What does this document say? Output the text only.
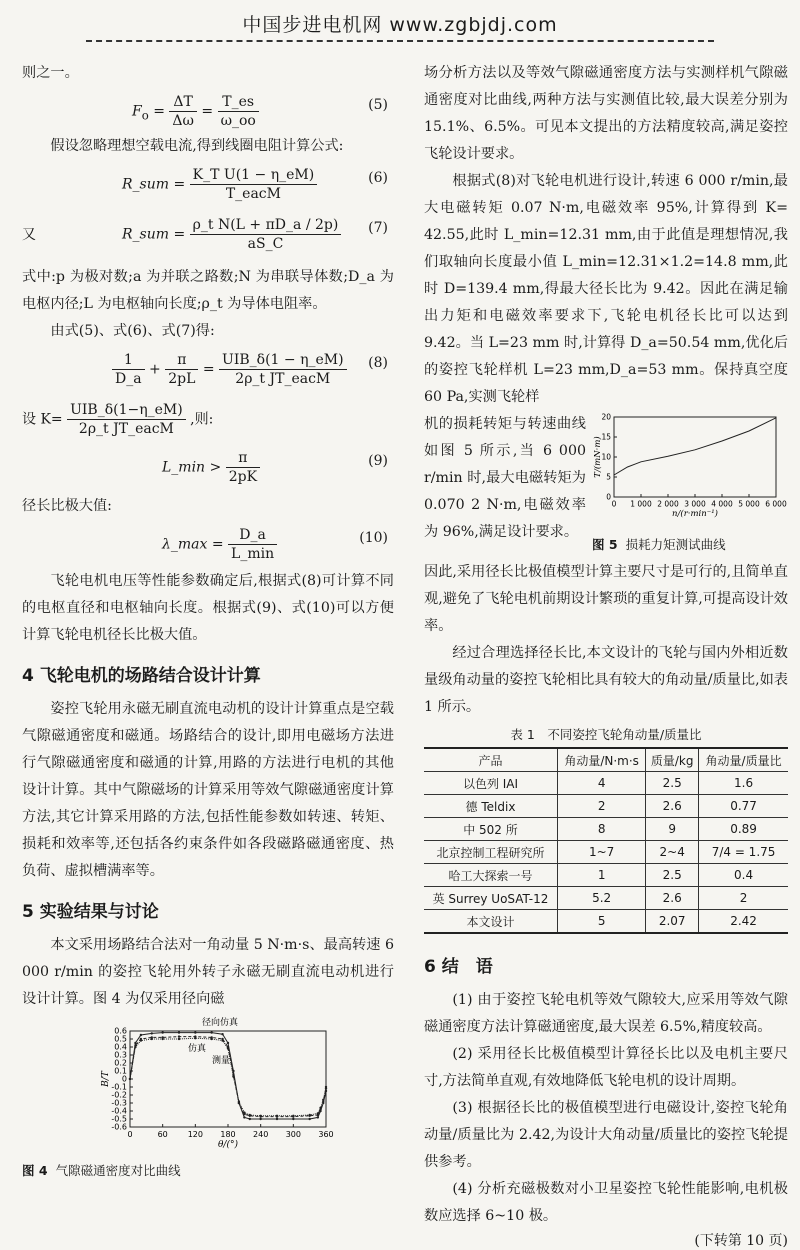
中国步进电机网 www.zgbjdj.com

则之一。

$F_o = \frac{\Delta T}{\Delta\omega} = \frac{T\_es}{\omega\_oo}$	(5)

假设忽略理想空载电流,得到线圈电阻计算公式:

R_sum = $\frac{\text{K\_T U(1 − η\_eM)}}{\text{T\_eacM}}$	(6)
又	R_sum = $\frac{\text{ρ\_t N(L + πD\_a / 2p)}}{aS\_C} (7)$

式中:p 为极对数;a 为并联之路数;N 为串联导体数;D_a 为电枢内径;L 为电枢轴向长度;ρ_t 为导体电阻率。

由式(5)、式(6)、式(7)得:

$\frac{1}{D\_a} + \frac{\pi}{2pL} = \frac{\text{UIB\_δ(1 − η\_eM)}}{\text{2ρ\_t JT\_eacM}} (8)$
设 $K= \frac{\text{UIB\_δ(1−η\_eM)}}{\text{2ρ\_t JT\_eacM}}$ ,则:
L_min > $\frac{\pi}{2pK}$	(9)

径长比极大值:

λ_max = $\frac{D\_a}{L\_\min}$	(10)

飞轮电机电压等性能参数确定后,根据式(8)可计算不同的电枢直径和电枢轴向长度。根据式(9)、式(10)可以方便计算飞轮电机径长比极大值。

4 飞轮电机的场路结合设计计算

姿控飞轮用永磁无刷直流电动机的设计计算重点是空载气隙磁通密度和磁通。场路结合的设计,即用电磁场方法进行气隙磁通密度和磁通的计算,用路的方法进行电机的其他设计计算。其中气隙磁场的计算采用等效气隙磁通密度计算方法,其它计算采用路的方法,包括性能参数如转速、转矩、损耗和效率等,还包括各约束条件如各段磁路磁通密度、热负荷、虚拟槽满率等。

5 实验结果与讨论

本文采用场路结合法对一角动量 5 N·m·s、最高转速 6 000 r/min 的姿控飞轮用外转子永磁无刷直流电动机进行设计计算。图 4 为仅采用径向磁

0	60 120 180 240 300 360
0.6
0.5
0.4
0.3
0.2
0.1
0
-0.1
-0.2
-0.3
-0.4
-0.5
-0.6
θ/(°)
B/T
径向仿真
仿真
测量
图 4 气隙磁通密度对比曲线

场分析方法以及等效气隙磁通密度方法与实测样机气隙磁通密度对比曲线,两种方法与实测值比较,最大误差分别为 15.1%、6.5%。可见本文提出的方法精度较高,满足姿控飞轮设计要求。

根据式(8)对飞轮电机进行设计,转速 6 000 r/min,最大电磁转矩 0.07 N·m,电磁效率 95%,计算得到 K= 42.55,此时 L_min=12.31 mm,由于此值是理想情况,我们取轴向长度最小值 L_min=12.31×1.2=14.8 mm,此时 D=139.4 mm,得最大径长比为 9.42。因此在满足输出力矩和电磁效率要求下,飞轮电机径长比可以达到 9.42。当 L=23 mm 时,计算得 D_a=50.54 mm,优化后的姿控飞轮样机 L=23 mm,D_a=53 mm。保持真空度 60 Pa,实测飞轮样

机的损耗转矩与转速曲线如图 5 所示,当 6 000 r/min 时,最大电磁转矩为 0.070 2 N·m,电磁效率为 96%,满足设计要求。

0 1 000 2 000 3 000 4 000 5 000 6 000
20
15
10
5
0
n/(r·min⁻¹)
T/(mN·m)
图 5 损耗力矩测试曲线

因此,采用径长比极值模型计算主要尺寸是可行的,且简单直观,避免了飞轮电机前期设计繁琐的重复计算,可提高设计效率。

经过合理选择径长比,本文设计的飞轮与国内外相近数量级角动量的姿控飞轮相比具有较大的角动量/质量比,如表 1 所示。

表 1　不同姿控飞轮角动量/质量比
产品	角动量/N·m·s	质量/kg	角动量/质量比
以色列 IAI	4	2.5	1.6
德 Teldix	2	2.6	0.77
中 502 所	8	9	0.89
北京控制工程研究所	1~7	2~4	7/4 = 1.75
哈工大探索一号	1	2.5	0.4
英 Surrey UoSAT-12	5.2	2.6	2
本文设计	5	2.07	2.42
6 结　语

(1) 由于姿控飞轮电机等效气隙较大,应采用等效气隙磁通密度方法计算磁通密度,最大误差 6.5%,精度较高。

(2) 采用径长比极值模型计算径长比以及电机主要尺寸,方法简单直观,有效地降低飞轮电机的设计周期。

(3) 根据径长比的极值模型进行电磁设计,姿控飞轮角动量/质量比为 2.42,为设计大角动量/质量比的姿控飞轮提供参考。

(4) 分析充磁极数对小卫星姿控飞轮性能影响,电机极数应选择 6~10 极。

(下转第 10 页)
